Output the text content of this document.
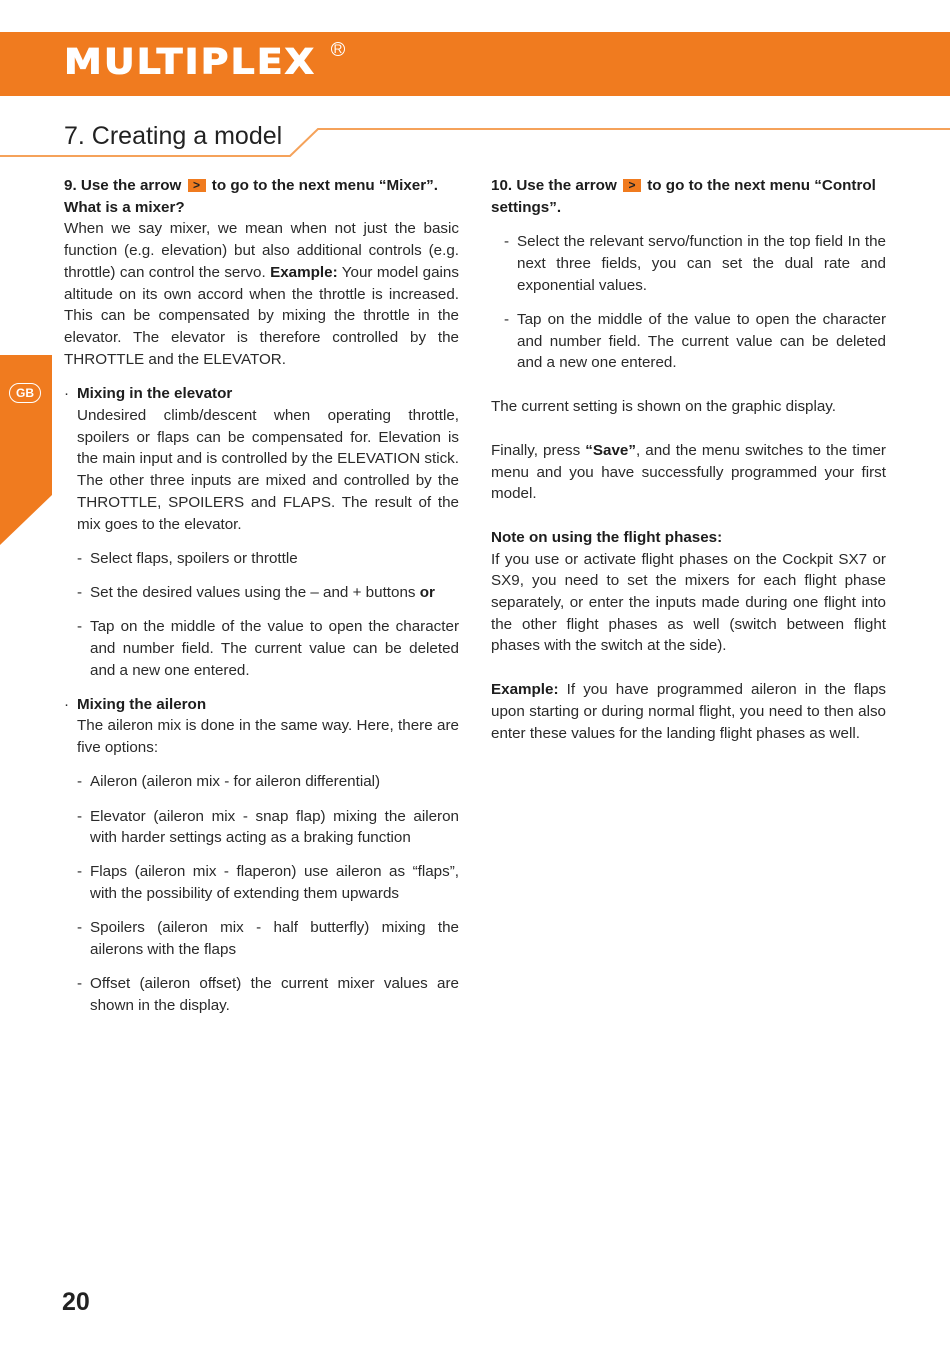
MULTIPLEX R
7. Creating a model
GB
9. Use the arrow > to go to the next menu “Mixer”.
What is a mixer?

When we say mixer, we mean when not just the basic function (e.g. elevation) but also additional controls (e.g. throttle) can control the servo. Example: Your model gains altitude on its own accord when the throttle is increased. This can be compensated by mixing the throttle in the elevator. The elevator is therefore controlled by the THROTTLE and the ELEVATOR.

· Mixing in the elevator

Undesired climb/descent when operating throttle, spoilers or flaps can be compensated for. Elevation is the main input and is controlled by the ELEVATION stick. The other three inputs are mixed and controlled by the THROTTLE, SPOILERS and FLAPS. The result of the mix goes to the elevator.

- Select flaps, spoilers or throttle
- Set the desired values using the – and + buttons or
- Tap on the middle of the value to open the character and number field. The current value can be deleted and a new one entered.
· Mixing the aileron

The aileron mix is done in the same way. Here, there are five options:

- Aileron (aileron mix - for aileron differential)
- Elevator (aileron mix - snap flap) mixing the aileron with harder settings acting as a braking function
- Flaps (aileron mix - flaperon) use aileron as “flaps”, with the possibility of extending them upwards
- Spoilers (aileron mix - half butterfly) mixing the ailerons with the flaps
- Offset (aileron offset) the current mixer values are shown in the display.
10. Use the arrow > to go to the next menu “Control settings”.
- Select the relevant servo/function in the top field In the next three fields, you can set the dual rate and exponential values.
- Tap on the middle of the value to open the character and number field. The current value can be deleted and a new one entered.

The current setting is shown on the graphic display.

Finally, press “Save”, and the menu switches to the timer menu and you have successfully programmed your first model.

Note on using the flight phases:

If you use or activate flight phases on the Cockpit SX7 or SX9, you need to set the mixers for each flight phase separately, or enter the inputs made during one flight into the other flight phases as well (switch between flight phases with the switch at the side).

Example: If you have programmed aileron in the flaps upon starting or during normal flight, you need to then also enter these values for the landing flight phases as well.

20
